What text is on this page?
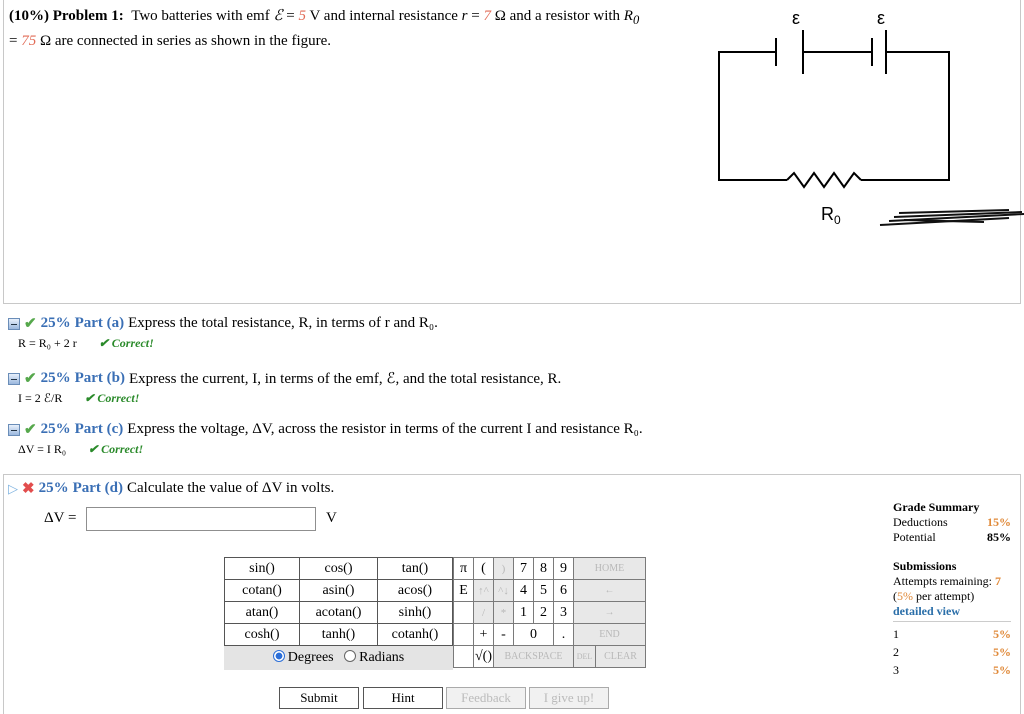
(10%) Problem 1: Two batteries with emf ℰ = 5 V and internal resistance r = 7 Ω and a resistor with $R_0$
= 75 Ω are connected in series as shown in the figure.
ε	ε
$R_0$
✔ 25% Part (a) Express the total resistance, R, in terms of r and R₀.
R = R₀ + 2 r ✔ Correct!
✔ 25% Part (b) Express the current, I, in terms of the emf, ℰ, and the total resistance, R.
I = 2 ℰ/R ✔ Correct!
✔ 25% Part (c) Express the voltage, ΔV, across the resistor in terms of the current I and resistance R₀.
ΔV = I R₀ ✔ Correct!
▷ ✖ 25% Part (d) Calculate the value of ΔV in volts.
ΔV =	V
sin()	cos()	tan()
cotan()	asin()	acos()
atan()	acotan()	sinh()
cosh()	tanh()	cotanh()
Degrees Radians		
π	(	)	7	8	9	HOME	
E	↑^	^↓	4	5	6	←	
	/	*	1	2	3	→	
	+	-	0		.	END	
	√()	BACKSPACE				DEL	CLEAR
Submit	Hint	Feedback	I give up!
Grade Summary
Deductions	15%
Potential	85%
Submissions
Attempts remaining: 7
(5% per attempt)
detailed view
1	5%
2	5%
3	5%
